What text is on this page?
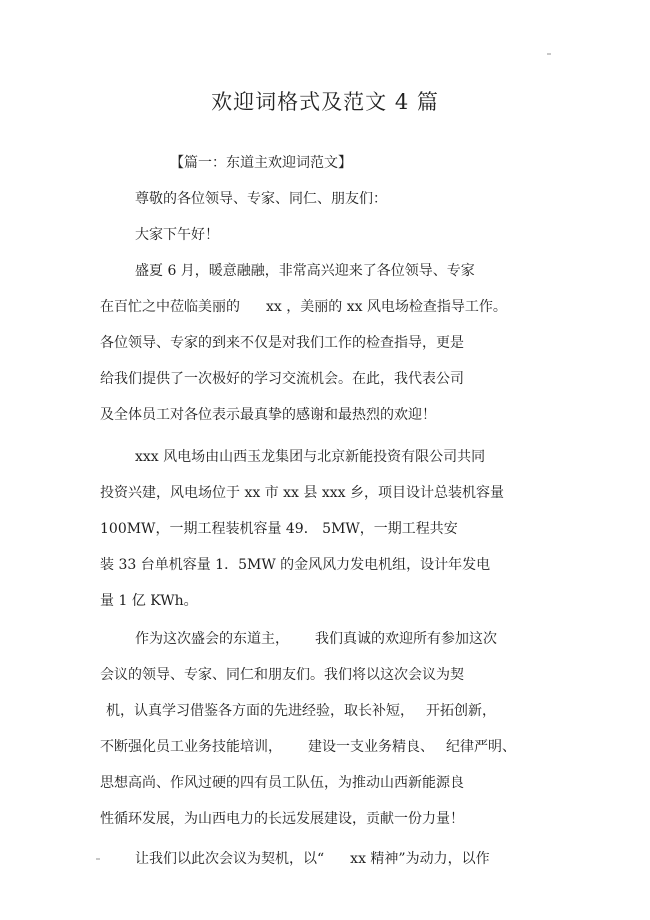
欢迎词格式及范文 4 篇
【篇一：东道主欢迎词范文】
尊敬的各位领导、专家、同仁、朋友们：
大家下午好！
盛夏 6 月，暖意融融，非常高兴迎来了各位领导、专家
在百忙之中莅临美丽的 xx ，美丽的 xx 风电场检查指导工作。
各位领导、专家的到来不仅是对我们工作的检查指导，更是
给我们提供了一次极好的学习交流机会。在此，我代表公司
及全体员工对各位表示最真挚的感谢和最热烈的欢迎！
xxx 风电场由山西玉龙集团与北京新能投资有限公司共同
投资兴建，风电场位于 xx 市 xx 县 xxx 乡，项目设计总装机容量
100MW，一期工程装机容量 49． 5MW，一期工程共安
装 33 台单机容量 1．5MW 的金风风力发电机组，设计年发电
量 1 亿 KWh。
作为这次盛会的东道主， 我们真诚的欢迎所有参加这次
会议的领导、专家、同仁和朋友们。我们将以这次会议为契
机，认真学习借鉴各方面的先进经验，取长补短， 开拓创新，
不断强化员工业务技能培训， 建设一支业务精良、 纪律严明、
思想高尚、作风过硬的四有员工队伍，为推动山西新能源良
性循环发展，为山西电力的长远发展建设，贡献一份力量！
让我们以此次会议为契机，以“ xx 精神”为动力，以作
